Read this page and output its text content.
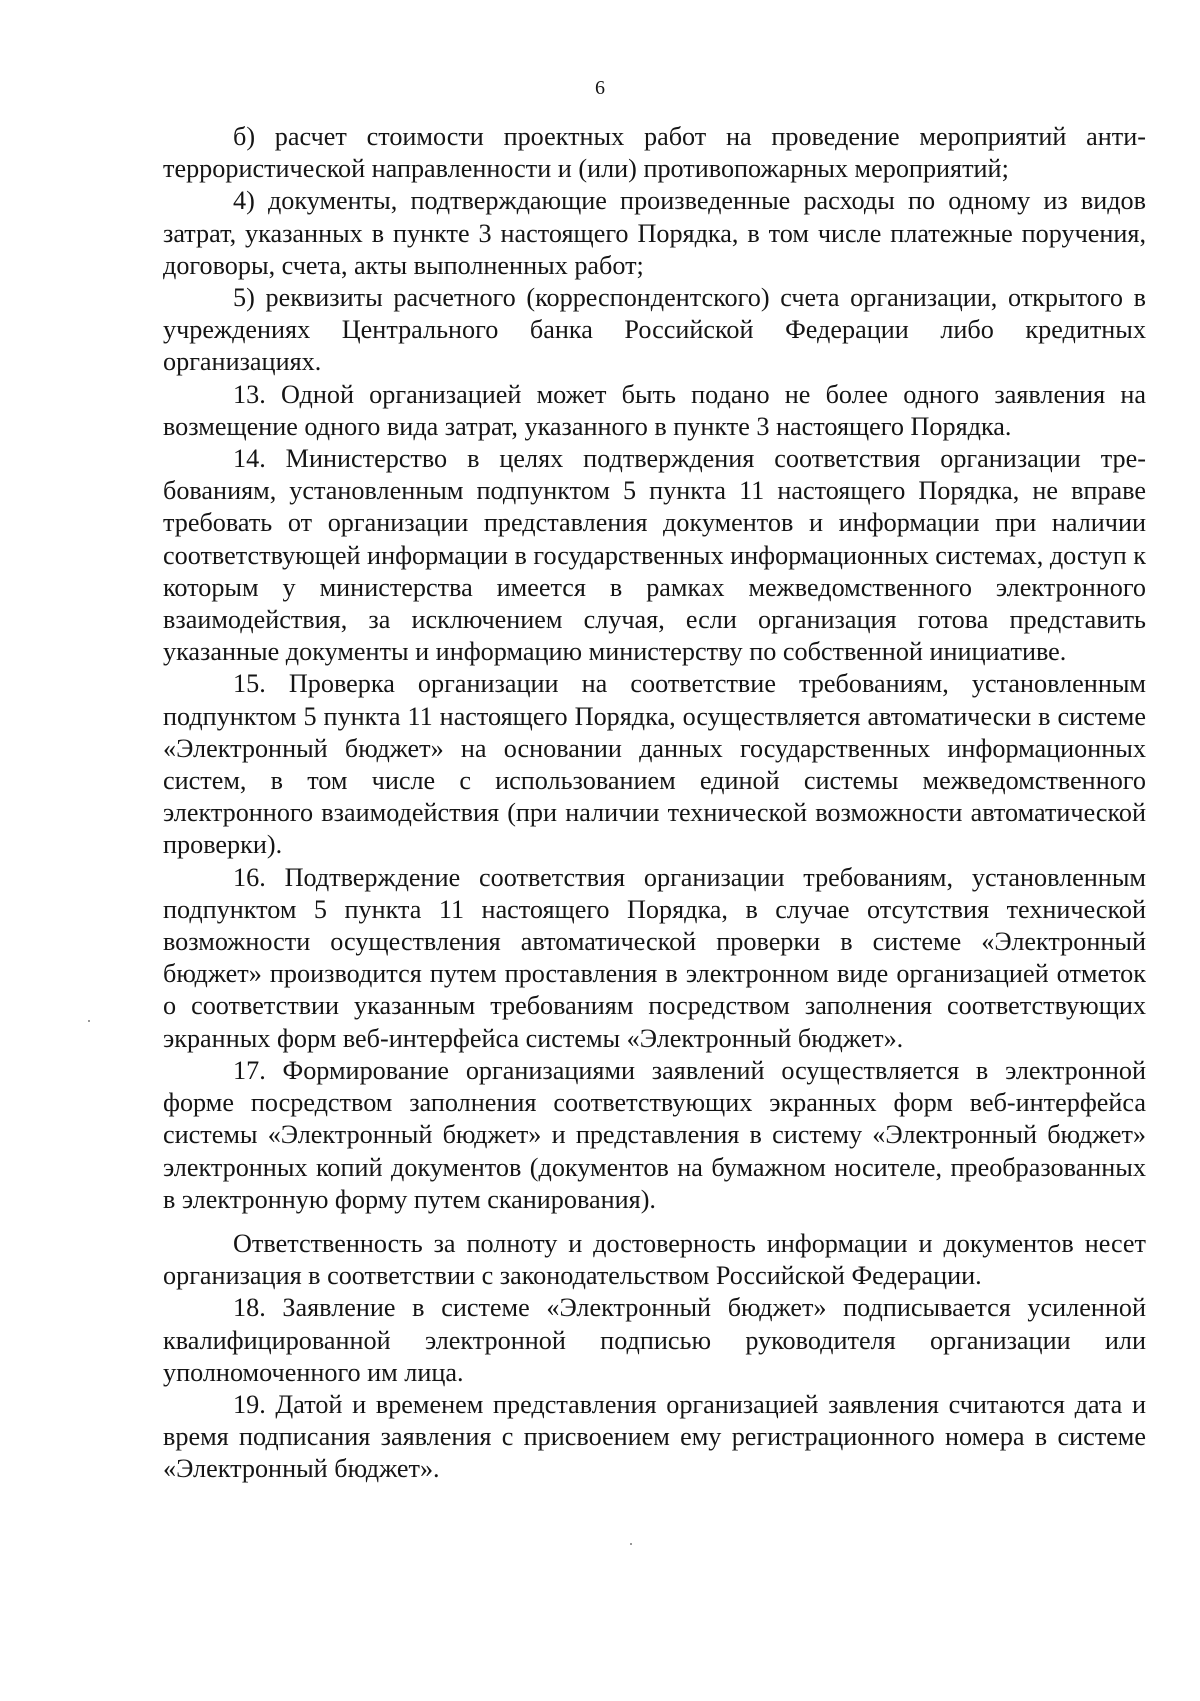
6

б) расчет стоимости проектных работ на проведение мероприятий антитеррористической направленности и (или) противопожарных мероприятий;

4) документы, подтверждающие произведенные расходы по одному из видов затрат, указанных в пункте 3 настоящего Порядка, в том числе платежные поручения, договоры, счета, акты выполненных работ;

5) реквизиты расчетного (корреспондентского) счета организации, открытого в учреждениях Центрального банка Российской Федерации либо кредитных организациях.

13. Одной организацией может быть подано не более одного заявления на возмещение одного вида затрат, указанного в пункте 3 настоящего Порядка.

14. Министерство в целях подтверждения соответствия организации требованиям, установленным подпунктом 5 пункта 11 настоящего Порядка, не вправе требовать от организации представления документов и информации при наличии соответствующей информации в государственных информационных системах, доступ к которым у министерства имеется в рамках межведомственного электронного взаимодействия, за исключением случая, если организация готова представить указанные документы и информацию министерству по собственной инициативе.

15. Проверка организации на соответствие требованиям, установленным подпунктом 5 пункта 11 настоящего Порядка, осуществляется автоматически в системе «Электронный бюджет» на основании данных государственных информационных систем, в том числе с использованием единой системы межведомственного электронного взаимодействия (при наличии технической возможности автоматической проверки).

16. Подтверждение соответствия организации требованиям, установленным подпунктом 5 пункта 11 настоящего Порядка, в случае отсутствия технической возможности осуществления автоматической проверки в системе «Электронный бюджет» производится путем проставления в электронном виде организацией отметок о соответствии указанным требованиям посредством заполнения соответствующих экранных форм веб-интерфейса системы «Электронный бюджет».

17. Формирование организациями заявлений осуществляется в электронной форме посредством заполнения соответствующих экранных форм веб-интерфейса системы «Электронный бюджет» и представления в систему «Электронный бюджет» электронных копий документов (документов на бумажном носителе, преобразованных в электронную форму путем сканирования).

Ответственность за полноту и достоверность информации и документов несет организация в соответствии с законодательством Российской Федерации.

18. Заявление в системе «Электронный бюджет» подписывается усиленной квалифицированной электронной подписью руководителя организации или уполномоченного им лица.

19. Датой и временем представления организацией заявления считаются дата и время подписания заявления с присвоением ему регистрационного номера в системе «Электронный бюджет».
